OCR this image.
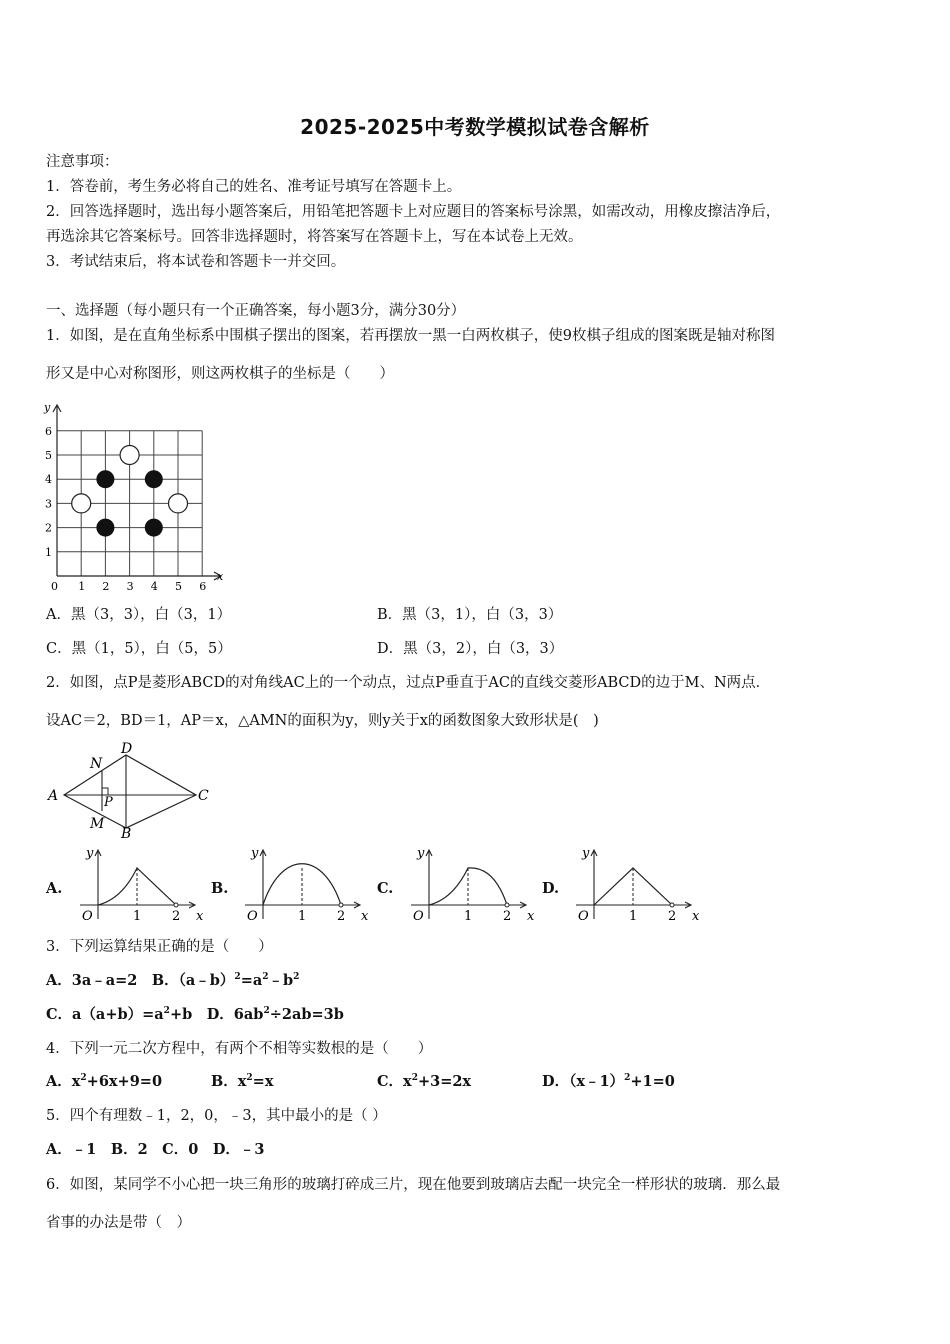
2025-2025中考数学模拟试卷含解析
注意事项：
1．答卷前，考生务必将自己的姓名、准考证号填写在答题卡上。
2．回答选择题时，选出每小题答案后，用铅笔把答题卡上对应题目的答案标号涂黑，如需改动，用橡皮擦洁净后，
再选涂其它答案标号。回答非选择题时，将答案写在答题卡上，写在本试卷上无效。
3．考试结束后，将本试卷和答题卡一并交回。
一、选择题（每小题只有一个正确答案，每小题3分，满分30分）
1．如图，是在直角坐标系中围棋子摆出的图案，若再摆放一黑一白两枚棋子，使9枚棋子组成的图案既是轴对称图
形又是中心对称图形，则这两枚棋子的坐标是（　　）
y
x
0 1 2 3 4 5 6
1
2
3
4
5
6
A．黑（3，3），白（3，1）	B．黑（3，1），白（3，3）
C．黑（1，5），白（5，5）	D．黑（3，2），白（3，3）
2．如图，点P是菱形ABCD的对角线AC上的一个动点，过点P垂直于AC的直线交菱形ABCD的边于M、N两点．
设AC＝2，BD＝1，AP＝x，△AMN的面积为y，则y关于x的函数图象大致形状是(　)
A
B
C
D
N
P
M
A.
y
O	1 2 x
B.
y
O	1 2 x
C.
y
O	1 2 x
D.
y
O	1 2 x
3．下列运算结果正确的是（　　）
A．3a﹣a=2　B．$(a﹣b)^2=a^2﹣b^2$
C．$a(a+b)=a^2+b$　D．$6ab^2\div 2ab=3b$
4．下列一元二次方程中，有两个不相等实数根的是（　　）
A．$x^2+6x+9=0$	B．$x^2=x$	C．$x^2+3=2x$	D．（x﹣1）$^2$+1=0
5．四个有理数﹣1，2，0，﹣3，其中最小的是（ ）
A．﹣1　B．2　C．0　D．﹣3
6．如图，某同学不小心把一块三角形的玻璃打碎成三片，现在他要到玻璃店去配一块完全一样形状的玻璃．那么最
省事的办法是带（　）
